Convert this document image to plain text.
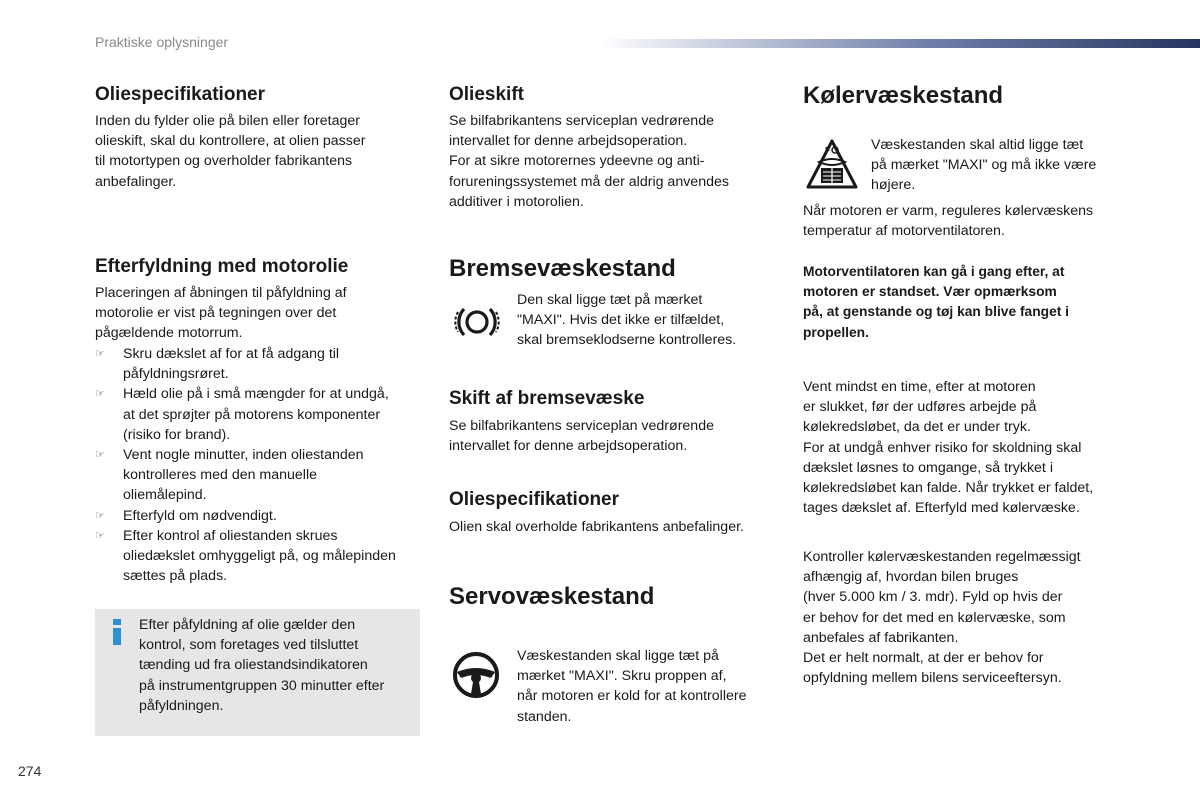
Praktiske oplysninger
Oliespecifikationer
Inden du fylder olie på bilen eller foretager
olieskift, skal du kontrollere, at olien passer
til motortypen og overholder fabrikantens
anbefalinger.
Efterfyldning med motorolie
Placeringen af åbningen til påfyldning af
motorolie er vist på tegningen over det
pågældende motorrum.
☞ Skru dækslet af for at få adgang til
påfyldningsrøret.
☞ Hæld olie på i små mængder for at undgå,
at det sprøjter på motorens komponenter
(risiko for brand).
☞ Vent nogle minutter, inden oliestanden
kontrolleres med den manuelle
oliemålepind.
☞ Efterfyld om nødvendigt.
☞ Efter kontrol af oliestanden skrues
oliedækslet omhyggeligt på, og målepinden
sættes på plads.
Efter påfyldning af olie gælder den
kontrol, som foretages ved tilsluttet
tænding ud fra oliestandsindikatoren
på instrumentgruppen 30 minutter efter
påfyldningen.
Olieskift
Se bilfabrikantens serviceplan vedrørende
intervallet for denne arbejdsoperation.
For at sikre motorernes ydeevne og anti-
forureningssystemet må der aldrig anvendes
additiver i motorolien.
Bremsevæskestand
Den skal ligge tæt på mærket
"MAXI". Hvis det ikke er tilfældet,
skal bremseklodserne kontrolleres.
Skift af bremsevæske
Se bilfabrikantens serviceplan vedrørende
intervallet for denne arbejdsoperation.
Oliespecifikationer
Olien skal overholde fabrikantens anbefalinger.
Servovæskestand
Væskestanden skal ligge tæt på
mærket "MAXI". Skru proppen af,
når motoren er kold for at kontrollere
standen.
Kølervæskestand
F	Væskestanden skal altid ligge tæt
på mærket "MAXI" og må ikke være
højere.
Når motoren er varm, reguleres kølervæskens
temperatur af motorventilatoren.
Motorventilatoren kan gå i gang efter, at
motoren er standset. Vær opmærksom
på, at genstande og tøj kan blive fanget i
propellen.
Vent mindst en time, efter at motoren
er slukket, før der udføres arbejde på
kølekredsløbet, da det er under tryk.
For at undgå enhver risiko for skoldning skal
dækslet løsnes to omgange, så trykket i
kølekredsløbet kan falde. Når trykket er faldet,
tages dækslet af. Efterfyld med kølervæske.
Kontroller kølervæskestanden regelmæssigt
afhængig af, hvordan bilen bruges
(hver 5.000 km / 3. mdr). Fyld op hvis der
er behov for det med en kølervæske, som
anbefales af fabrikanten.
Det er helt normalt, at der er behov for
opfyldning mellem bilens serviceeftersyn.
274
